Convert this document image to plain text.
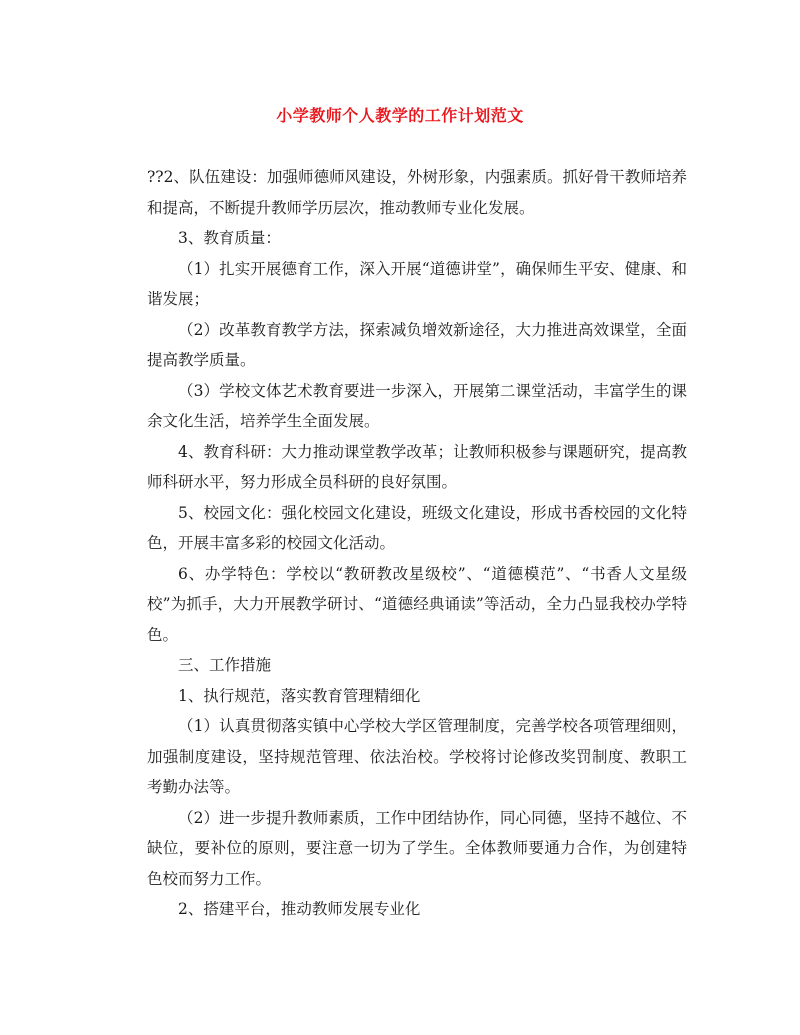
小学教师个人教学的工作计划范文

??2、队伍建设：加强师德师风建设，外树形象，内强素质。抓好骨干教师培养和提高，不断提升教师学历层次，推动教师专业化发展。

3、教育质量：

（1）扎实开展德育工作，深入开展“道德讲堂”，确保师生平安、健康、和谐发展；

（2）改革教育教学方法，探索减负增效新途径，大力推进高效课堂，全面提高教学质量。

（3）学校文体艺术教育要进一步深入，开展第二课堂活动，丰富学生的课余文化生活，培养学生全面发展。

4、教育科研：大力推动课堂教学改革；让教师积极参与课题研究，提高教师科研水平，努力形成全员科研的良好氛围。

5、校园文化：强化校园文化建设，班级文化建设，形成书香校园的文化特色，开展丰富多彩的校园文化活动。

6、办学特色：学校以“教研教改星级校”、“道德模范”、“书香人文星级校”为抓手，大力开展教学研讨、“道德经典诵读”等活动，全力凸显我校办学特色。

三、工作措施

1、执行规范，落实教育管理精细化

（1）认真贯彻落实镇中心学校大学区管理制度，完善学校各项管理细则，加强制度建设，坚持规范管理、依法治校。学校将讨论修改奖罚制度、教职工考勤办法等。

（2）进一步提升教师素质，工作中团结协作，同心同德，坚持不越位、不缺位，要补位的原则，要注意一切为了学生。全体教师要通力合作，为创建特色校而努力工作。

2、搭建平台，推动教师发展专业化
